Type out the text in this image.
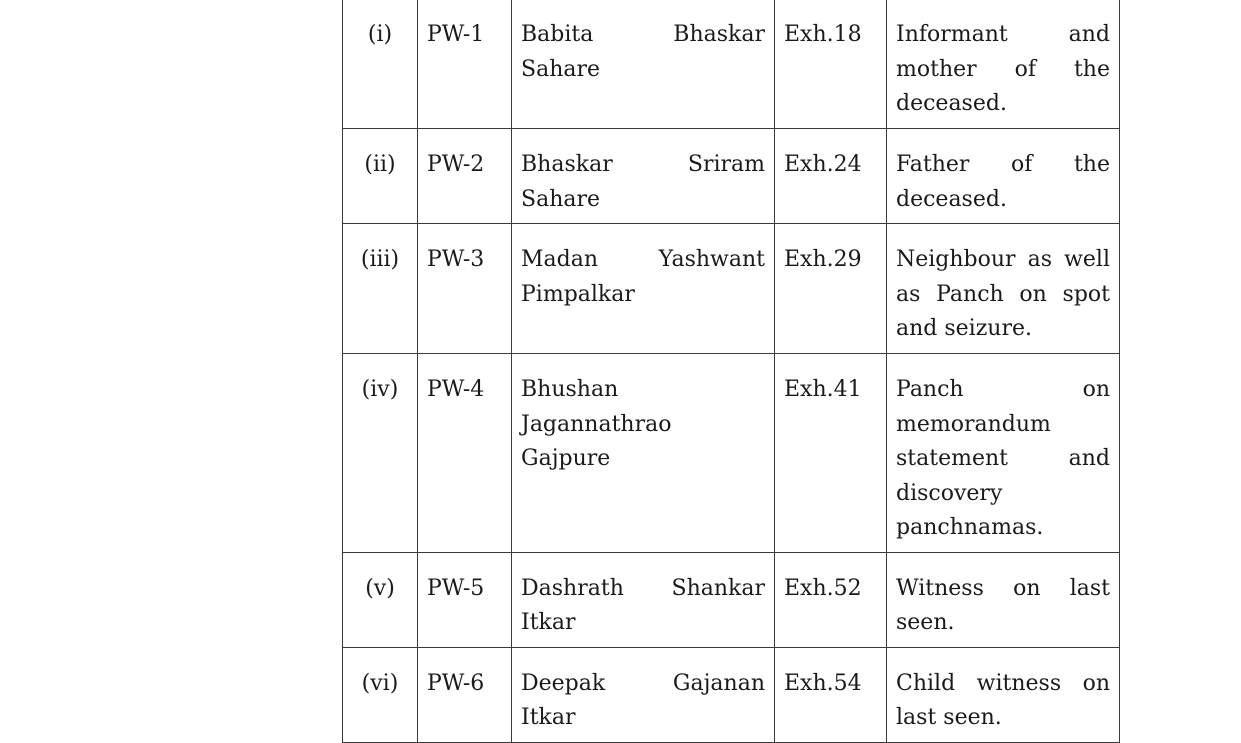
(i)	PW-1	Babita Bhaskar Sahare	Exh.18	Informant and mother of the deceased.
(ii)	PW-2	Bhaskar Sriram Sahare	Exh.24	Father of the deceased.
(iii)	PW-3	Madan Yashwant Pimpalkar	Exh.29	Neighbour as well as Panch on spot and seizure.
(iv)	PW-4	Bhushan Jagannathrao Gajpure	Exh.41	Panch on memorandum statement and discovery panchnamas.
(v)	PW-5	Dashrath Shankar Itkar	Exh.52	Witness on last seen.
(vi)	PW-6	Deepak Gajanan Itkar	Exh.54	Child witness on last seen.
